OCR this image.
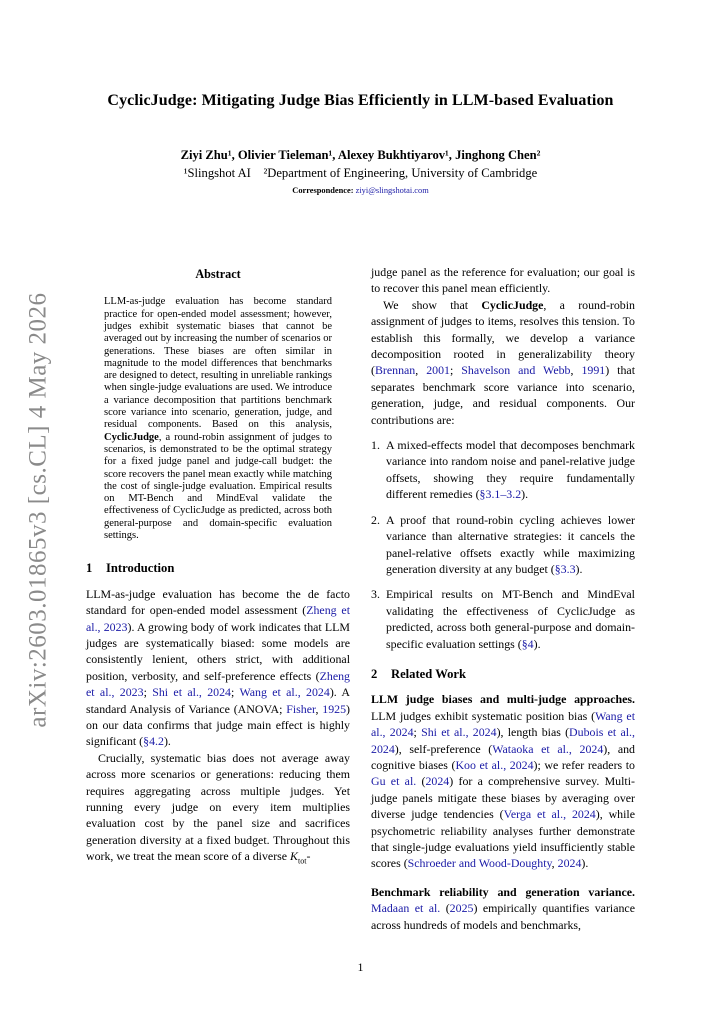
arXiv:2603.01865v3 [cs.CL] 4 May 2026
CyclicJudge: Mitigating Judge Bias Efficiently in LLM-based Evaluation
Ziyi Zhu¹, Olivier Tieleman¹, Alexey Bukhtiyarov¹, Jinghong Chen²
¹Slingshot AI    ²Department of Engineering, University of Cambridge
Correspondence: ziyi@slingshotai.com
Abstract
LLM-as-judge evaluation has become standard practice for open-ended model assessment; however, judges exhibit systematic biases that cannot be averaged out by increasing the number of scenarios or generations. These biases are often similar in magnitude to the model differences that benchmarks are designed to detect, resulting in unreliable rankings when single-judge evaluations are used. We introduce a variance decomposition that partitions benchmark score variance into scenario, generation, judge, and residual components. Based on this analysis, CyclicJudge, a round-robin assignment of judges to scenarios, is demonstrated to be the optimal strategy for a fixed judge panel and judge-call budget: the score recovers the panel mean exactly while matching the cost of single-judge evaluation. Empirical results on MT-Bench and MindEval validate the effectiveness of CyclicJudge as predicted, across both general-purpose and domain-specific evaluation settings.
1 Introduction

LLM-as-judge evaluation has become the de facto standard for open-ended model assessment (Zheng et al., 2023). A growing body of work indicates that LLM judges are systematically biased: some models are consistently lenient, others strict, with additional position, verbosity, and self-preference effects (Zheng et al., 2023; Shi et al., 2024; Wang et al., 2024). A standard Analysis of Variance (ANOVA; Fisher, 1925) on our data confirms that judge main effect is highly significant (§4.2).

Crucially, systematic bias does not average away across more scenarios or generations: reducing them requires aggregating across multiple judges. Yet running every judge on every item multiplies evaluation cost by the panel size and sacrifices generation diversity at a fixed budget. Throughout this work, we treat the mean score of a diverse $K_{tot}-$

judge panel as the reference for evaluation; our goal is to recover this panel mean efficiently.

We show that CyclicJudge, a round-robin assignment of judges to items, resolves this tension. To establish this formally, we develop a variance decomposition rooted in generalizability theory (Brennan, 2001; Shavelson and Webb, 1991) that separates benchmark score variance into scenario, generation, judge, and residual components. Our contributions are:

1. A mixed-effects model that decomposes benchmark variance into random noise and panel-relative judge offsets, showing they require fundamentally different remedies (§3.1–3.2).
2. A proof that round-robin cycling achieves lower variance than alternative strategies: it cancels the panel-relative offsets exactly while maximizing generation diversity at any budget (§3.3).
3. Empirical results on MT-Bench and MindEval validating the effectiveness of CyclicJudge as predicted, across both general-purpose and domain-specific evaluation settings (§4).
2 Related Work

LLM judge biases and multi-judge approaches. LLM judges exhibit systematic position bias (Wang et al., 2024; Shi et al., 2024), length bias (Dubois et al., 2024), self-preference (Wataoka et al., 2024), and cognitive biases (Koo et al., 2024); we refer readers to Gu et al. (2024) for a comprehensive survey. Multi-judge panels mitigate these biases by averaging over diverse judge tendencies (Verga et al., 2024), while psychometric reliability analyses further demonstrate that single-judge evaluations yield insufficiently stable scores (Schroeder and Wood-Doughty, 2024).

Benchmark reliability and generation variance. Madaan et al. (2025) empirically quantifies variance across hundreds of models and benchmarks,

1
